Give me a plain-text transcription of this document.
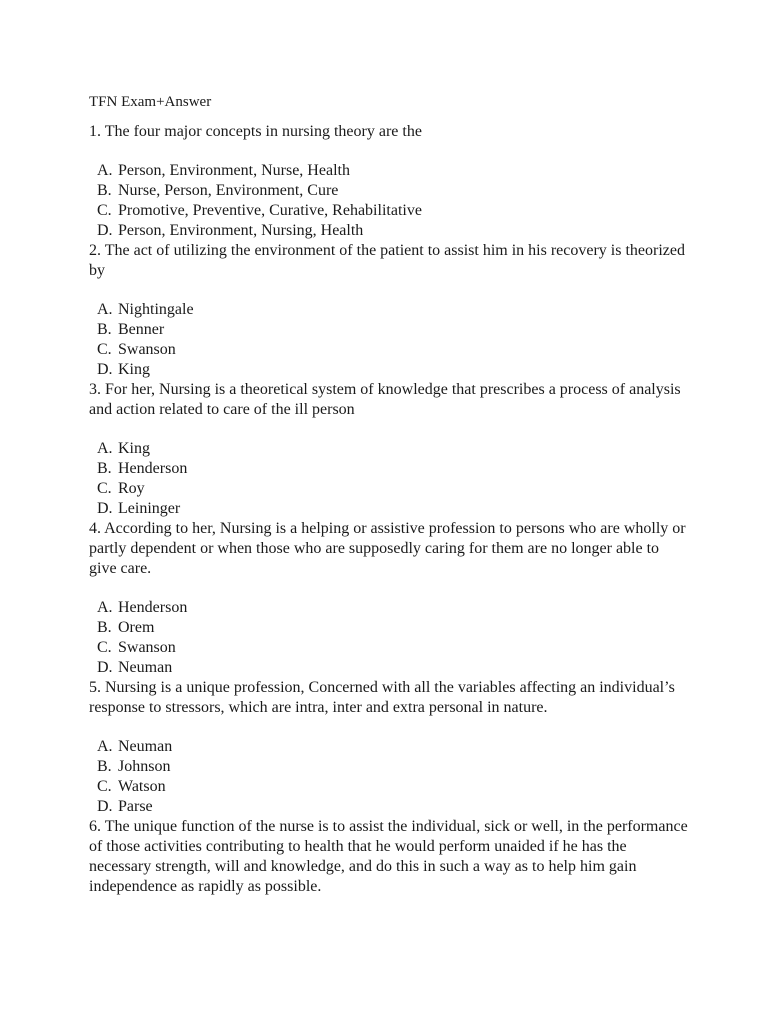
TFN Exam+Answer

1. The four major concepts in nursing theory are the

A. Person, Environment, Nurse, Health
B. Nurse, Person, Environment, Cure
C. Promotive, Preventive, Curative, Rehabilitative
D. Person, Environment, Nursing, Health

2. The act of utilizing the environment of the patient to assist him in his recovery is theorized by

A. Nightingale
B. Benner
C. Swanson
D. King

3. For her, Nursing is a theoretical system of knowledge that prescribes a process of analysis and action related to care of the ill person

A. King
B. Henderson
C. Roy
D. Leininger

4. According to her, Nursing is a helping or assistive profession to persons who are wholly or partly dependent or when those who are supposedly caring for them are no longer able to give care.

A. Henderson
B. Orem
C. Swanson
D. Neuman

5. Nursing is a unique profession, Concerned with all the variables affecting an individual’s response to stressors, which are intra, inter and extra personal in nature.

A. Neuman
B. Johnson
C. Watson
D. Parse

6. The unique function of the nurse is to assist the individual, sick or well, in the performance of those activities contributing to health that he would perform unaided if he has the necessary strength, will and knowledge, and do this in such a way as to help him gain independence as rapidly as possible.
